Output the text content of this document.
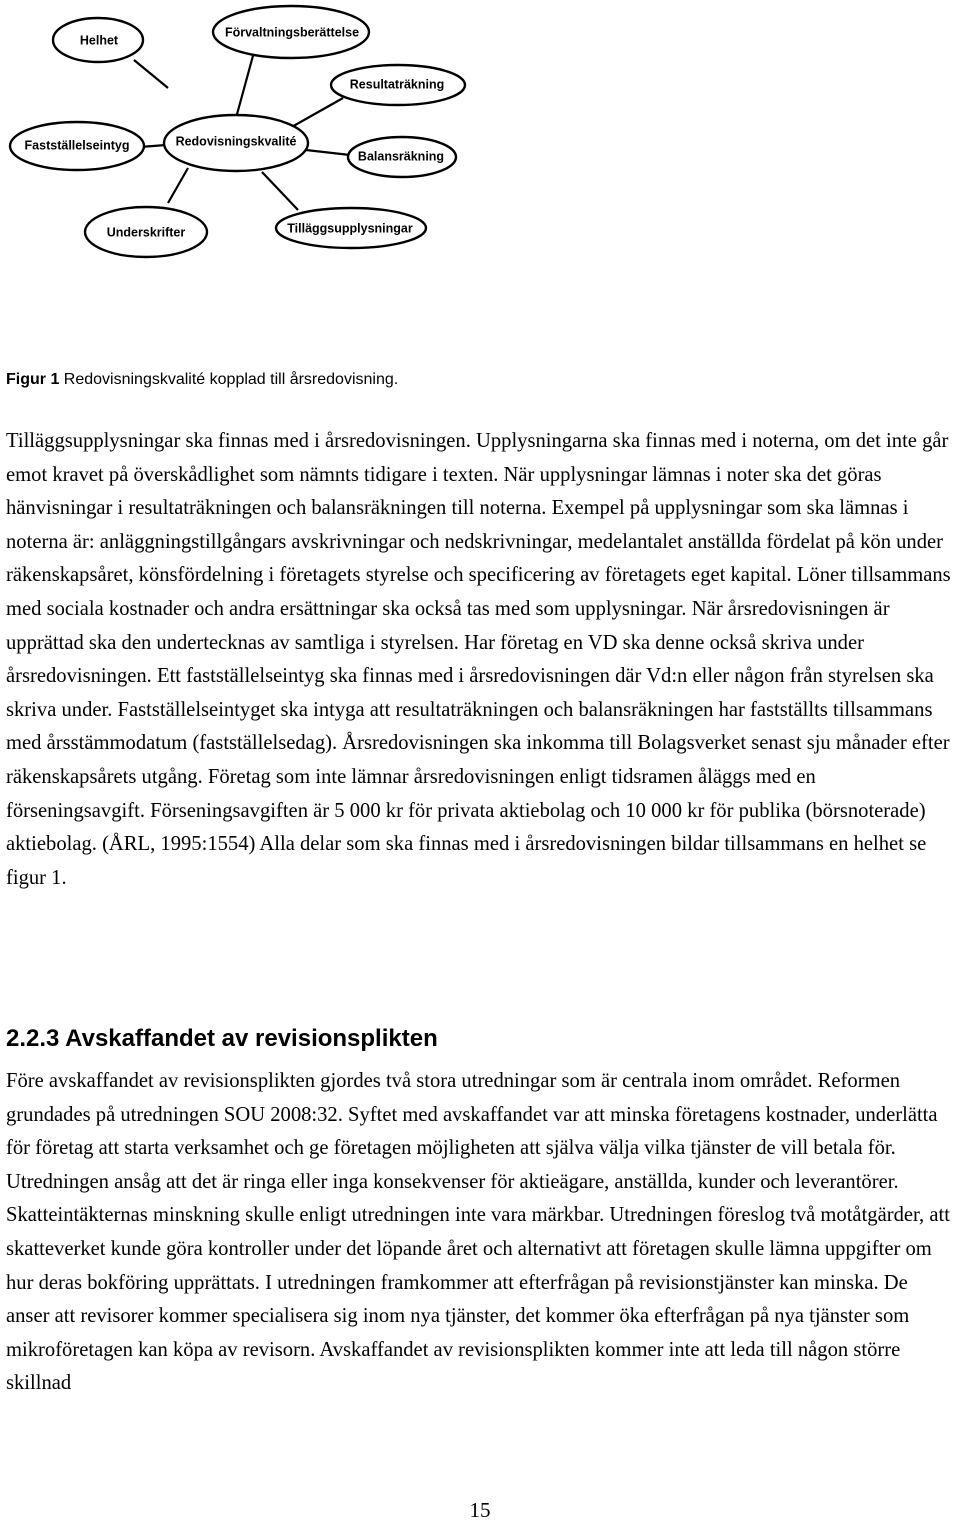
Helhet
Förvaltningsberättelse
Resultaträkning
Fastställelseintyg	Redovisningskvalité
Balansräkning
Underskrifter	Tilläggsupplysningar
Figur 1 Redovisningskvalité kopplad till årsredovisning.

Tilläggsupplysningar ska finnas med i årsredovisningen. Upplysningarna ska finnas med i noterna, om det inte går emot kravet på överskådlighet som nämnts tidigare i texten. När upplysningar lämnas i noter ska det göras hänvisningar i resultaträkningen och balansräkningen till noterna. Exempel på upplysningar som ska lämnas i noterna är: anläggningstillgångars avskrivningar och nedskrivningar, medelantalet anställda fördelat på kön under räkenskapsåret, könsfördelning i företagets styrelse och specificering av företagets eget kapital. Löner tillsammans med sociala kostnader och andra ersättningar ska också tas med som upplysningar. När årsredovisningen är upprättad ska den undertecknas av samtliga i styrelsen. Har företag en VD ska denne också skriva under årsredovisningen. Ett fastställelseintyg ska finnas med i årsredovisningen där Vd:n eller någon från styrelsen ska skriva under. Fastställelseintyget ska intyga att resultaträkningen och balansräkningen har fastställts tillsammans med årsstämmodatum (fastställelsedag). Årsredovisningen ska inkomma till Bolagsverket senast sju månader efter räkenskapsårets utgång. Företag som inte lämnar årsredovisningen enligt tidsramen åläggs med en förseningsavgift. Förseningsavgiften är 5 000 kr för privata aktiebolag och 10 000 kr för publika (börsnoterade) aktiebolag. (ÅRL, 1995:1554) Alla delar som ska finnas med i årsredovisningen bildar tillsammans en helhet se figur 1.

2.2.3 Avskaffandet av revisionsplikten

Före avskaffandet av revisionsplikten gjordes två stora utredningar som är centrala inom området. Reformen grundades på utredningen SOU 2008:32. Syftet med avskaffandet var att minska företagens kostnader, underlätta för företag att starta verksamhet och ge företagen möjligheten att själva välja vilka tjänster de vill betala för. Utredningen ansåg att det är ringa eller inga konsekvenser för aktieägare, anställda, kunder och leverantörer. Skatteintäkternas minskning skulle enligt utredningen inte vara märkbar. Utredningen föreslog två motåtgärder, att skatteverket kunde göra kontroller under det löpande året och alternativt att företagen skulle lämna uppgifter om hur deras bokföring upprättats. I utredningen framkommer att efterfrågan på revisionstjänster kan minska. De anser att revisorer kommer specialisera sig inom nya tjänster, det kommer öka efterfrågan på nya tjänster som mikroföretagen kan köpa av revisorn. Avskaffandet av revisionsplikten kommer inte att leda till någon större skillnad

15
